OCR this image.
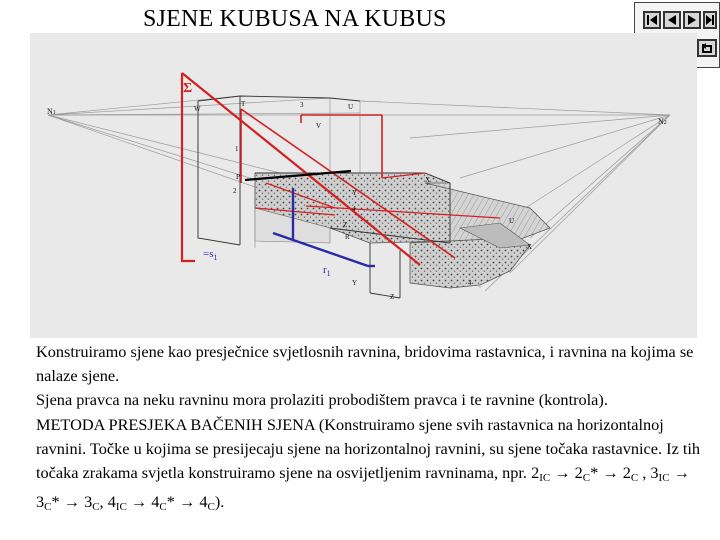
SJENE KUBUSA NA KUBUS
Σ
$=s_1$
$r_1$
N1
N2
W
T	3	U
V
1
P
2
X
Y
4
Z
R
U
X
Y
Z
4

Konstruiramo sjene kao presječnice svjetlosnih ravnina, bridovima rastavnica, i ravnina na kojima se nalaze sjene.

Sjena pravca na neku ravninu mora prolaziti probodištem pravca i te ravnine (kontrola).

METODA PRESJEKA BAČENIH SJENA (Konstruiramo sjene svih rastavnica na horizontalnoj ravnini. Točke u kojima se presijecaju sjene na horizontalnoj ravnini, su sjene točaka rastavnice. Iz tih točaka zrakama svjetla konstruiramo sjene na osvijetljenim ravninama, npr. $2_{IC} \to 2_C* \to 2_C$ , $3_{IC} \to 3_C* \to 3_C$, $4_{IC} \to 4_C* \to 4_C$).
